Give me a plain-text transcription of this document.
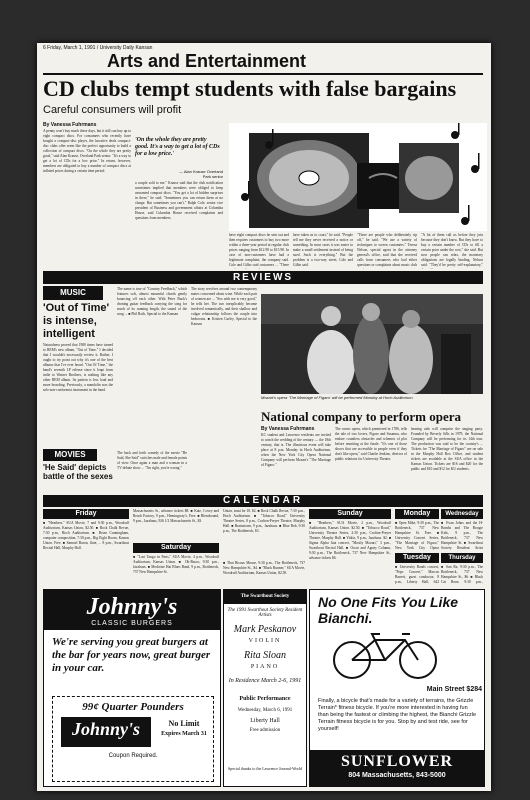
6 Friday, March 1, 1991 / University Daily Kansan
Arts and Entertainment
CD clubs tempt students with false bargains
Careful consumers will profit
By Vanessa Fuhrmans
A penny won't buy much these days, but it still can buy up to eight compact discs. For consumers who recently have bought a compact-disc player, the lucrative deals compact-disc clubs offer seem like the perfect opportunity to build a collection of compact discs. "On the whole they are pretty good," said Alan Krause, Overland Park senior. "It's a way to get a lot of CDs for a low price." In return, however, members are obligated to buy a number of compact discs at inflated prices during a certain time period.
'On the whole they are pretty good. It's a way to get a lot of CDs for a low price.'
— Alan Krause Overland Park senior
a couple sold to me." Krause said that the club notification sometimes implied that members were obliged to keep unwanted compact discs. "You get a lot of hidden surprises in there," he said. "Sometimes you can return them at no charge. But sometimes you can't." Ralph Cole, senior vice president of Business and government affairs at Columbia House, said Columbia House received complaints and questions from members.
have eight compact discs he sent out and then requires customers to buy two more within a three-year period at regular club prices ranging from $12.98 to $15.98. In case of non-customers have had a legitimate complaint, the company said. Cole and Gilbo said customers ... "There
have taken us to court," he said. "People tell me they never received a notice or something. In most cases it was easier to make a small settlement instead of being sued. Such is everything." But the problem is a two-way street, Cole and Gilbo said.
"There are people who deliberately rip off," he said. "We use a variety of techniques to screen customers." Teresa Nelson, special agent in the attorney general's office, said that she received calls from consumers who had either questions or complaints about music club
"A lot of them call us before they join because they don't know. But they have to buy a certain number of CDs to fill a certain price under the cost," she said. But now people can relax, the monetary obligations are legally binding, Nelson said. "They'd be pretty self-explanatory,"
REVIEWS
MUSIC
'Out of Time' is intense, intelligent
Naturalness proved that 1980 times have turned to REM's new album, "Out of Time." I decided that I wouldn't necessarily review it. Rather, I ought to try point out why it's one of the best albums that I've ever heard. "Out Of Time," the band's seventh LP release since it leapt from indie to Warner Brothers, is nothing like any other REM album. Its pattern is less loud and more brooding. Previously, a mandolin was the sole non-conformist instrument in the band.
The name is true of "Country Feedback," which features soft, almost mournful chords gently bouncing off each other. With Peter Buck's droning guitar feedback carrying the song for much of its running length, the sound of the song ... ■ Phil Roth, Special to the Kansan
The story revolves around two contemporary mates concerned about wine. While each pair of women are ... "Sex with me is very good," he tells her. The two inexplicably become involved romantically, and their shallow and vulgar relationship follows the couple into bedrooms. ■ Kristen Curley, Special to the Kansan
MOVIES
'He Said' depicts battle of the sexes
The back and forth comedy of the movie "He Said, She Said" switches male and female points of view. Once again a man and a woman in a TV debate show ... "I'm right, you're wrong."
Mozart's opera 'The Marriage of Figaro' will be performed Monday at Hoch Auditorium.
National company to perform opera
By Vanessa Fuhrmans
KC student and Lawrence residents are invited to watch the wedding of the century — the 18th century, that is. The illustrious event will take place at 8 p.m. Monday in Hoch Auditorium, when the New York City Opera National Company will perform Mozart's "The Marriage of Figaro."
The comic opera, which premiered in 1786, tells the tale of two lovers, Figaro and Susanna, who endure countless obstacles and schemes of plot before reuniting at the finale. "It's one of those shows that are accessible to people even if they don't like opera," said Charlie Jenkins, director of public relations for University Theater.
hearing aids will comprise the singing party. Founded by Beverly Sills in 1979, the National Company will be performing for its 14th tour. The production was said to be the country's ... Tickets for "The Marriage of Figaro" are on sale in the Murphy Hall Box Office, and student tickets are available at the SUA office in the Kansas Union. Tickets are $16 and $20 for the public and $10 and $12 for KU students.
CALENDAR
Friday
■ "Heathers," SUA Movie, 7 and 9:30 p.m., Woodruff Auditorium, Kansas Union, $2.50. ■ Rock Chalk Revue, 7:30 p.m., Hoch Auditorium. ■ Brian Cunningham, computer composition, 7:30 p.m., Big Eight Room, Kansas Union. Free. ■ Samuel Baron, flute, ... 8 p.m., Swarthout Recital Hall, Murphy Hall.
Massachusetts St., advance tickets $8. ■ Kate, Covey and Reach Factory, 9 p.m., Hemingway's, Free. ■ Blendsound, 9 p.m., Jazzhaus, 926 1/2 Massachusetts St., $3.
Saturday
■ "Last Tango in Paris," SUA Movie, 4 p.m., Woodruff Auditorium, Kansas Union. ■ Oh-Basco, 9:30 p.m., Jazzhaus. ■ Medicine Hat Blues Band, 9 p.m., Bottleneck, 737 New Hampshire St.
Union, must be 18. $2. ■ Rock Chalk Revue, 7:30 p.m., Hoch Auditorium. ■ "Tobacco Road," University Theatre Series, 8 p.m., Crafton-Preyer Theatre, Murphy Hall. ■ Brainstorm, 9 p.m., Jazzhaus. ■ Blue Bob, 9:30 p.m., The Bottleneck, $3.
■ Thai Bisous Mouse, 9:30 p.m., The Bottleneck, 737 New Hampshire St., $4. ■ "Black Runner," SUA Movie, Woodruff Auditorium, Kansas Union, $2.50.
Sunday
■ "Heathers," SUA Movie, 2 p.m., Woodruff Auditorium, Kansas Union. $2.50. ■ "Tobacco Road," University Theatre Series, 2:30 p.m., Crafton-Preyer Theatre, Murphy Hall. ■ Yitkiz, 9 p.m., Jazzhaus. $2. ■ Sigma Alpha Iota concert, "Mostly Mozart," 3 p.m., Swarthout Recital Hall. ■ Oscar and Agony Column, 9:30 p.m., The Bottleneck, 737 New Hampshire St., advance tickets $6.
Monday
■ Open Mike, 9:30 p.m., The Bottleneck, 737 New Hampshire St. Free. ■ University Concert Series, "The Marriage of Figaro," New York City Opera
Tuesday
■ University Bands concert, "Pops Concert," Marcus Barrett, guest conductor, 8 p.m., Liberty Hall, 642
Johnny's
CLASSIC BURGERS
We're serving you great burgers at the bar for years now, great burger in your car.
99¢ Quarter Pounders
Johnny's	No Limit
Expires March 31
Coupon Required.
The Swarthout Society
The 1991 Swarthout Society Resident Artists
Mark Peskanov
VIOLIN
Rita Sloan
PIANO
In Residence March 2-6, 1991
Public Performance
Wednesday, March 6, 1991
Liberty Hall
Free admission
Special thanks to the Lawrence Journal-World
No One Fits You Like Bianchi.
Main Street $284
Finally, a bicycle that's made for a variety of terrains, the Grizzle Terrain* fitness bicycle. If you're more interested in having fun than being the fastest or climbing the highest, the Bianchi Grizzle Terrain fitness bicycle is for you. Stop by and test ride, see for yourself!
SUNFLOWER
804 Massachusetts, 843-5000
Wednesday
■ Evan Johns and the H-Bombs and The Boogie Kids, 9 p.m., The Bottleneck, 737 New Hampshire St. ■ Swarthout Society Resident Artist
Thursday
■ Sun Ra, 9:30 p.m., The Bottleneck, 737 New Hampshire St., $6. ■ Black Cat Bone, 9:30 p.m.,
